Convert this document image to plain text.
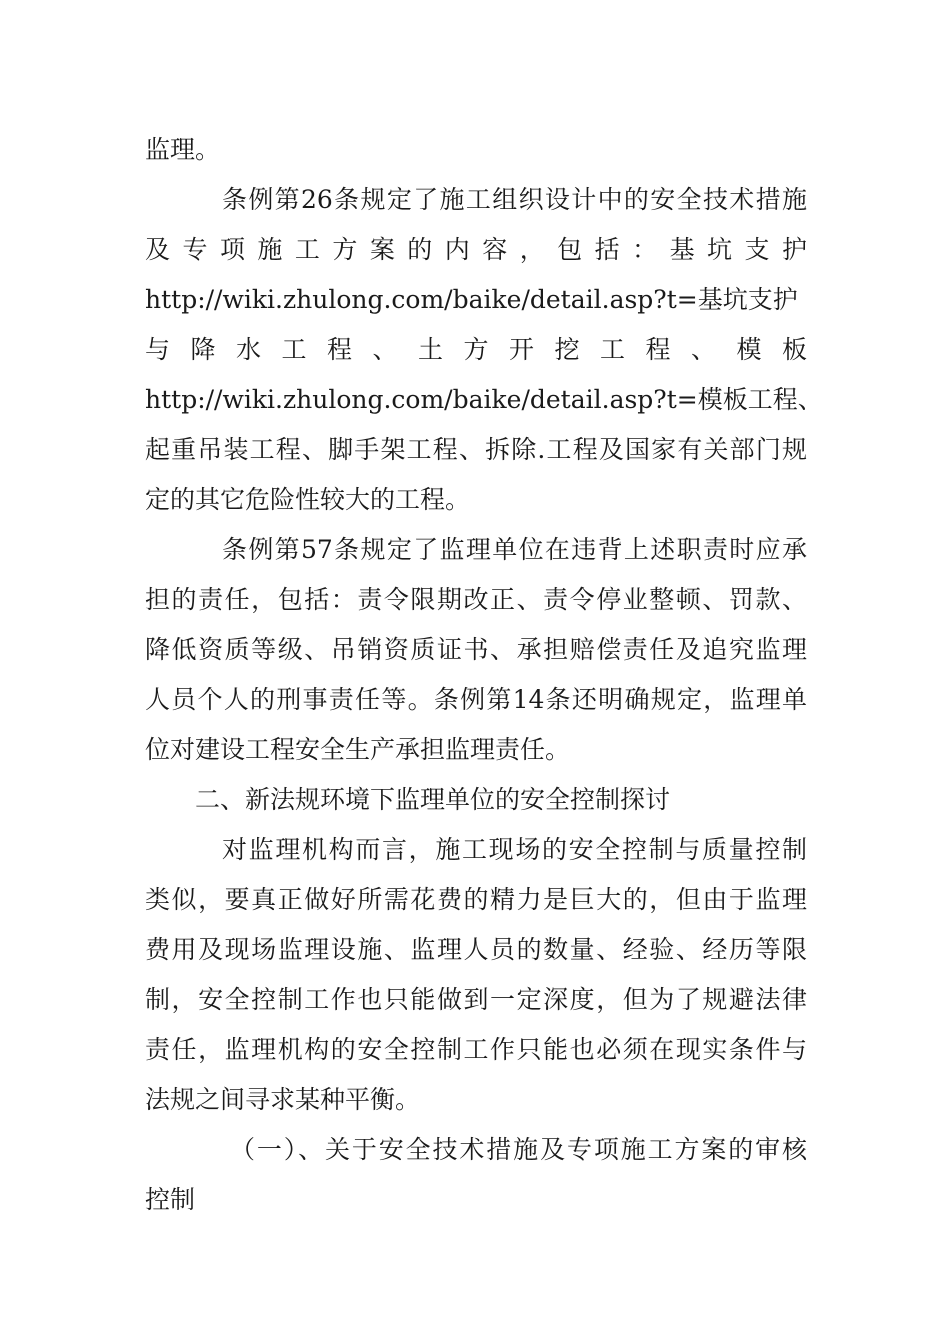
监理。
条例第26条规定了施工组织设计中的安全技术措施
及 专 项 施 工 方 案 的 内 容 ， 包 括 ： 基 坑 支 护
http://wiki.zhulong.com/baike/detail.asp?t=基坑支护
与 降 水 工 程 、 土 方 开 挖 工 程 、 模 板
http://wiki.zhulong.com/baike/detail.asp?t=模板工程、
起重吊装工程、脚手架工程、拆除.工程及国家有关部门规
定的其它危险性较大的工程。
条例第57条规定了监理单位在违背上述职责时应承
担的责任，包括：责令限期改正、责令停业整顿、罚款、
降低资质等级、吊销资质证书、承担赔偿责任及追究监理
人员个人的刑事责任等。条例第14条还明确规定，监理单
位对建设工程安全生产承担监理责任。
二、新法规环境下监理单位的安全控制探讨
对监理机构而言，施工现场的安全控制与质量控制
类似，要真正做好所需花费的精力是巨大的，但由于监理
费用及现场监理设施、监理人员的数量、经验、经历等限
制，安全控制工作也只能做到一定深度，但为了规避法律
责任，监理机构的安全控制工作只能也必须在现实条件与
法规之间寻求某种平衡。
（一）、关于安全技术措施及专项施工方案的审核
控制
